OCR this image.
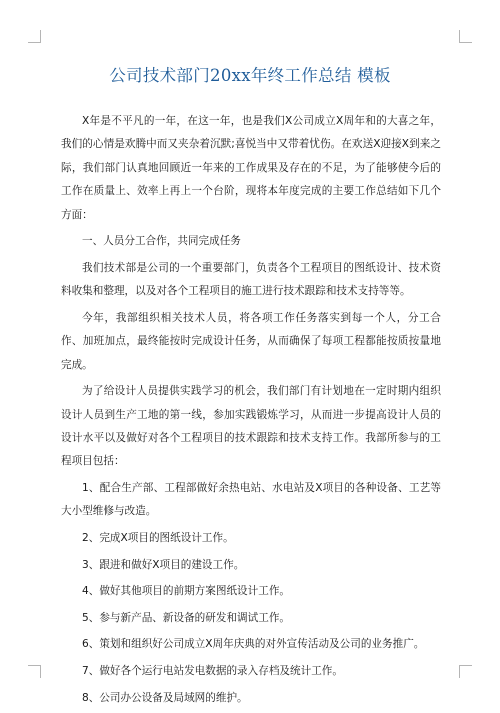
公司技术部门20xx年终工作总结 模板

X年是不平凡的一年，在这一年，也是我们X公司成立X周年和的大喜之年，我们的心情是欢腾中而又夹杂着沉默;喜悦当中又带着忧伤。在欢送X迎接X到来之际，我们部门认真地回顾近一年来的工作成果及存在的不足，为了能够使今后的工作在质量上、效率上再上一个台阶，现将本年度完成的主要工作总结如下几个方面：

一、人员分工合作，共同完成任务

我们技术部是公司的一个重要部门，负责各个工程项目的图纸设计、技术资料收集和整理，以及对各个工程项目的施工进行技术跟踪和技术支持等等。

今年，我部组织相关技术人员，将各项工作任务落实到每一个人，分工合作、加班加点，最终能按时完成设计任务，从而确保了每项工程都能按质按量地完成。

为了给设计人员提供实践学习的机会，我们部门有计划地在一定时期内组织设计人员到生产工地的第一线，参加实践锻炼学习，从而进一步提高设计人员的设计水平以及做好对各个工程项目的技术跟踪和技术支持工作。我部所参与的工程项目包括：

1、配合生产部、工程部做好余热电站、水电站及X项目的各种设备、工艺等大小型维修与改造。

2、完成X项目的图纸设计工作。

3、跟进和做好X项目的建设工作。

4、做好其他项目的前期方案图纸设计工作。

5、参与新产品、新设备的研发和调试工作。

6、策划和组织好公司成立X周年庆典的对外宣传活动及公司的业务推广。

7、做好各个运行电站发电数据的录入存档及统计工作。

8、公司办公设备及局域网的维护。
